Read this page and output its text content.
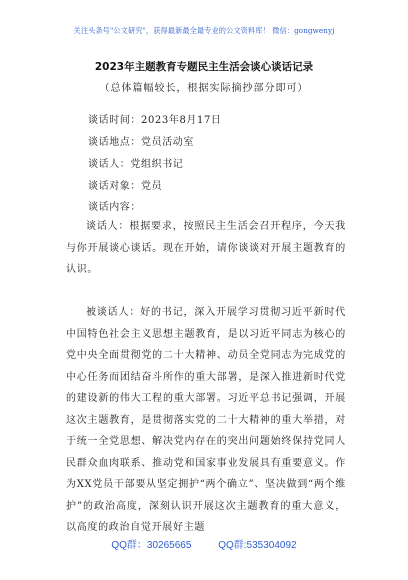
关注头条号"公文研究"，获得最新最全最专业的公文资料库！ 微信：gongwenyj
2023年主题教育专题民主生活会谈心谈话记录
（总体篇幅较长，根据实际摘抄部分即可）
谈话时间：2023年8月17日
谈话地点：党员活动室
谈话人：党组织书记
谈话对象：党员
谈话内容：

谈话人：根据要求，按照民主生活会召开程序，今天我与你开展谈心谈话。现在开始，请你谈谈对开展主题教育的认识。

被谈话人：好的书记，深入开展学习贯彻习近平新时代中国特色社会主义思想主题教育，是以习近平同志为核心的党中央全面贯彻党的二十大精神、动员全党同志为完成党的中心任务而团结奋斗所作的重大部署，是深入推进新时代党的建设新的伟大工程的重大部署。习近平总书记强调，开展这次主题教育，是贯彻落实党的二十大精神的重大举措，对于统一全党思想、解决党内存在的突出问题始终保持党同人民群众血肉联系、推动党和国家事业发展具有重要意义。作为XX党员干部要从坚定拥护“两个确立”、坚决做到“两个维护”的政治高度，深刻认识开展这次主题教育的重大意义，以高度的政治自觉开展好主题

QQ群：30265665	QQ群:535304092
